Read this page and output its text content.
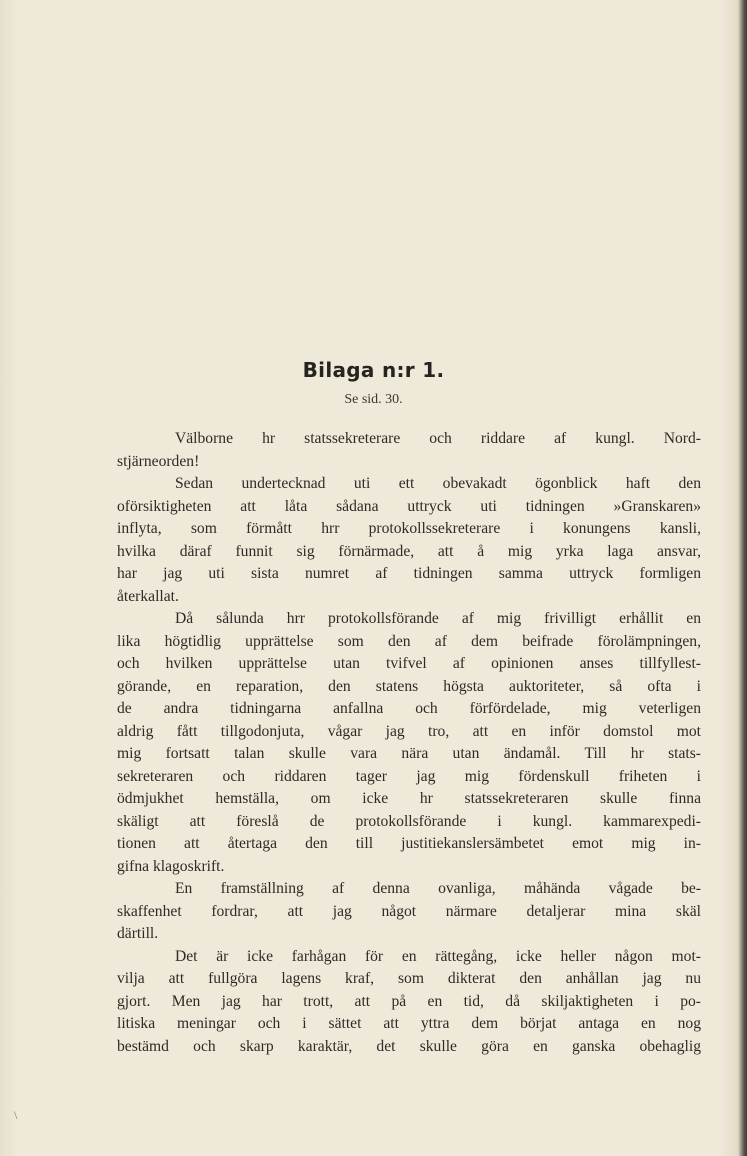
Bilaga n:r 1.
Se sid. 30.
Välborne hr statssekreterare och riddare af kungl. Nord-
stjärneorden!
Sedan undertecknad uti ett obevakadt ögonblick haft den
oförsiktigheten att låta sådana uttryck uti tidningen »Granskaren»
inflyta, som förmått hrr protokollssekreterare i konungens kansli,
hvilka däraf funnit sig förnärmade, att å mig yrka laga ansvar,
har jag uti sista numret af tidningen samma uttryck formligen
återkallat.
Då sålunda hrr protokollsförande af mig frivilligt erhållit en
lika högtidlig upprättelse som den af dem beifrade förolämpningen,
och hvilken upprättelse utan tvifvel af opinionen anses tillfyllest-
görande, en reparation, den statens högsta auktoriteter, så ofta i
de andra tidningarna anfallna och förfördelade, mig veterligen
aldrig fått tillgodonjuta, vågar jag tro, att en inför domstol mot
mig fortsatt talan skulle vara nära utan ändamål. Till hr stats-
sekreteraren och riddaren tager jag mig fördenskull friheten i
ödmjukhet hemställa, om icke hr statssekreteraren skulle finna
skäligt att föreslå de protokollsförande i kungl. kammarexpedi-
tionen att återtaga den till justitiekanslersämbetet emot mig in-
gifna klagoskrift.
En framställning af denna ovanliga, måhända vågade be-
skaffenhet fordrar, att jag något närmare detaljerar mina skäl
därtill.
Det är icke farhågan för en rättegång, icke heller någon mot-
vilja att fullgöra lagens kraf, som dikterat den anhållan jag nu
gjort. Men jag har trott, att på en tid, då skiljaktigheten i po-
litiska meningar och i sättet att yttra dem börjat antaga en nog
bestämd och skarp karaktär, det skulle göra en ganska obehaglig
\
